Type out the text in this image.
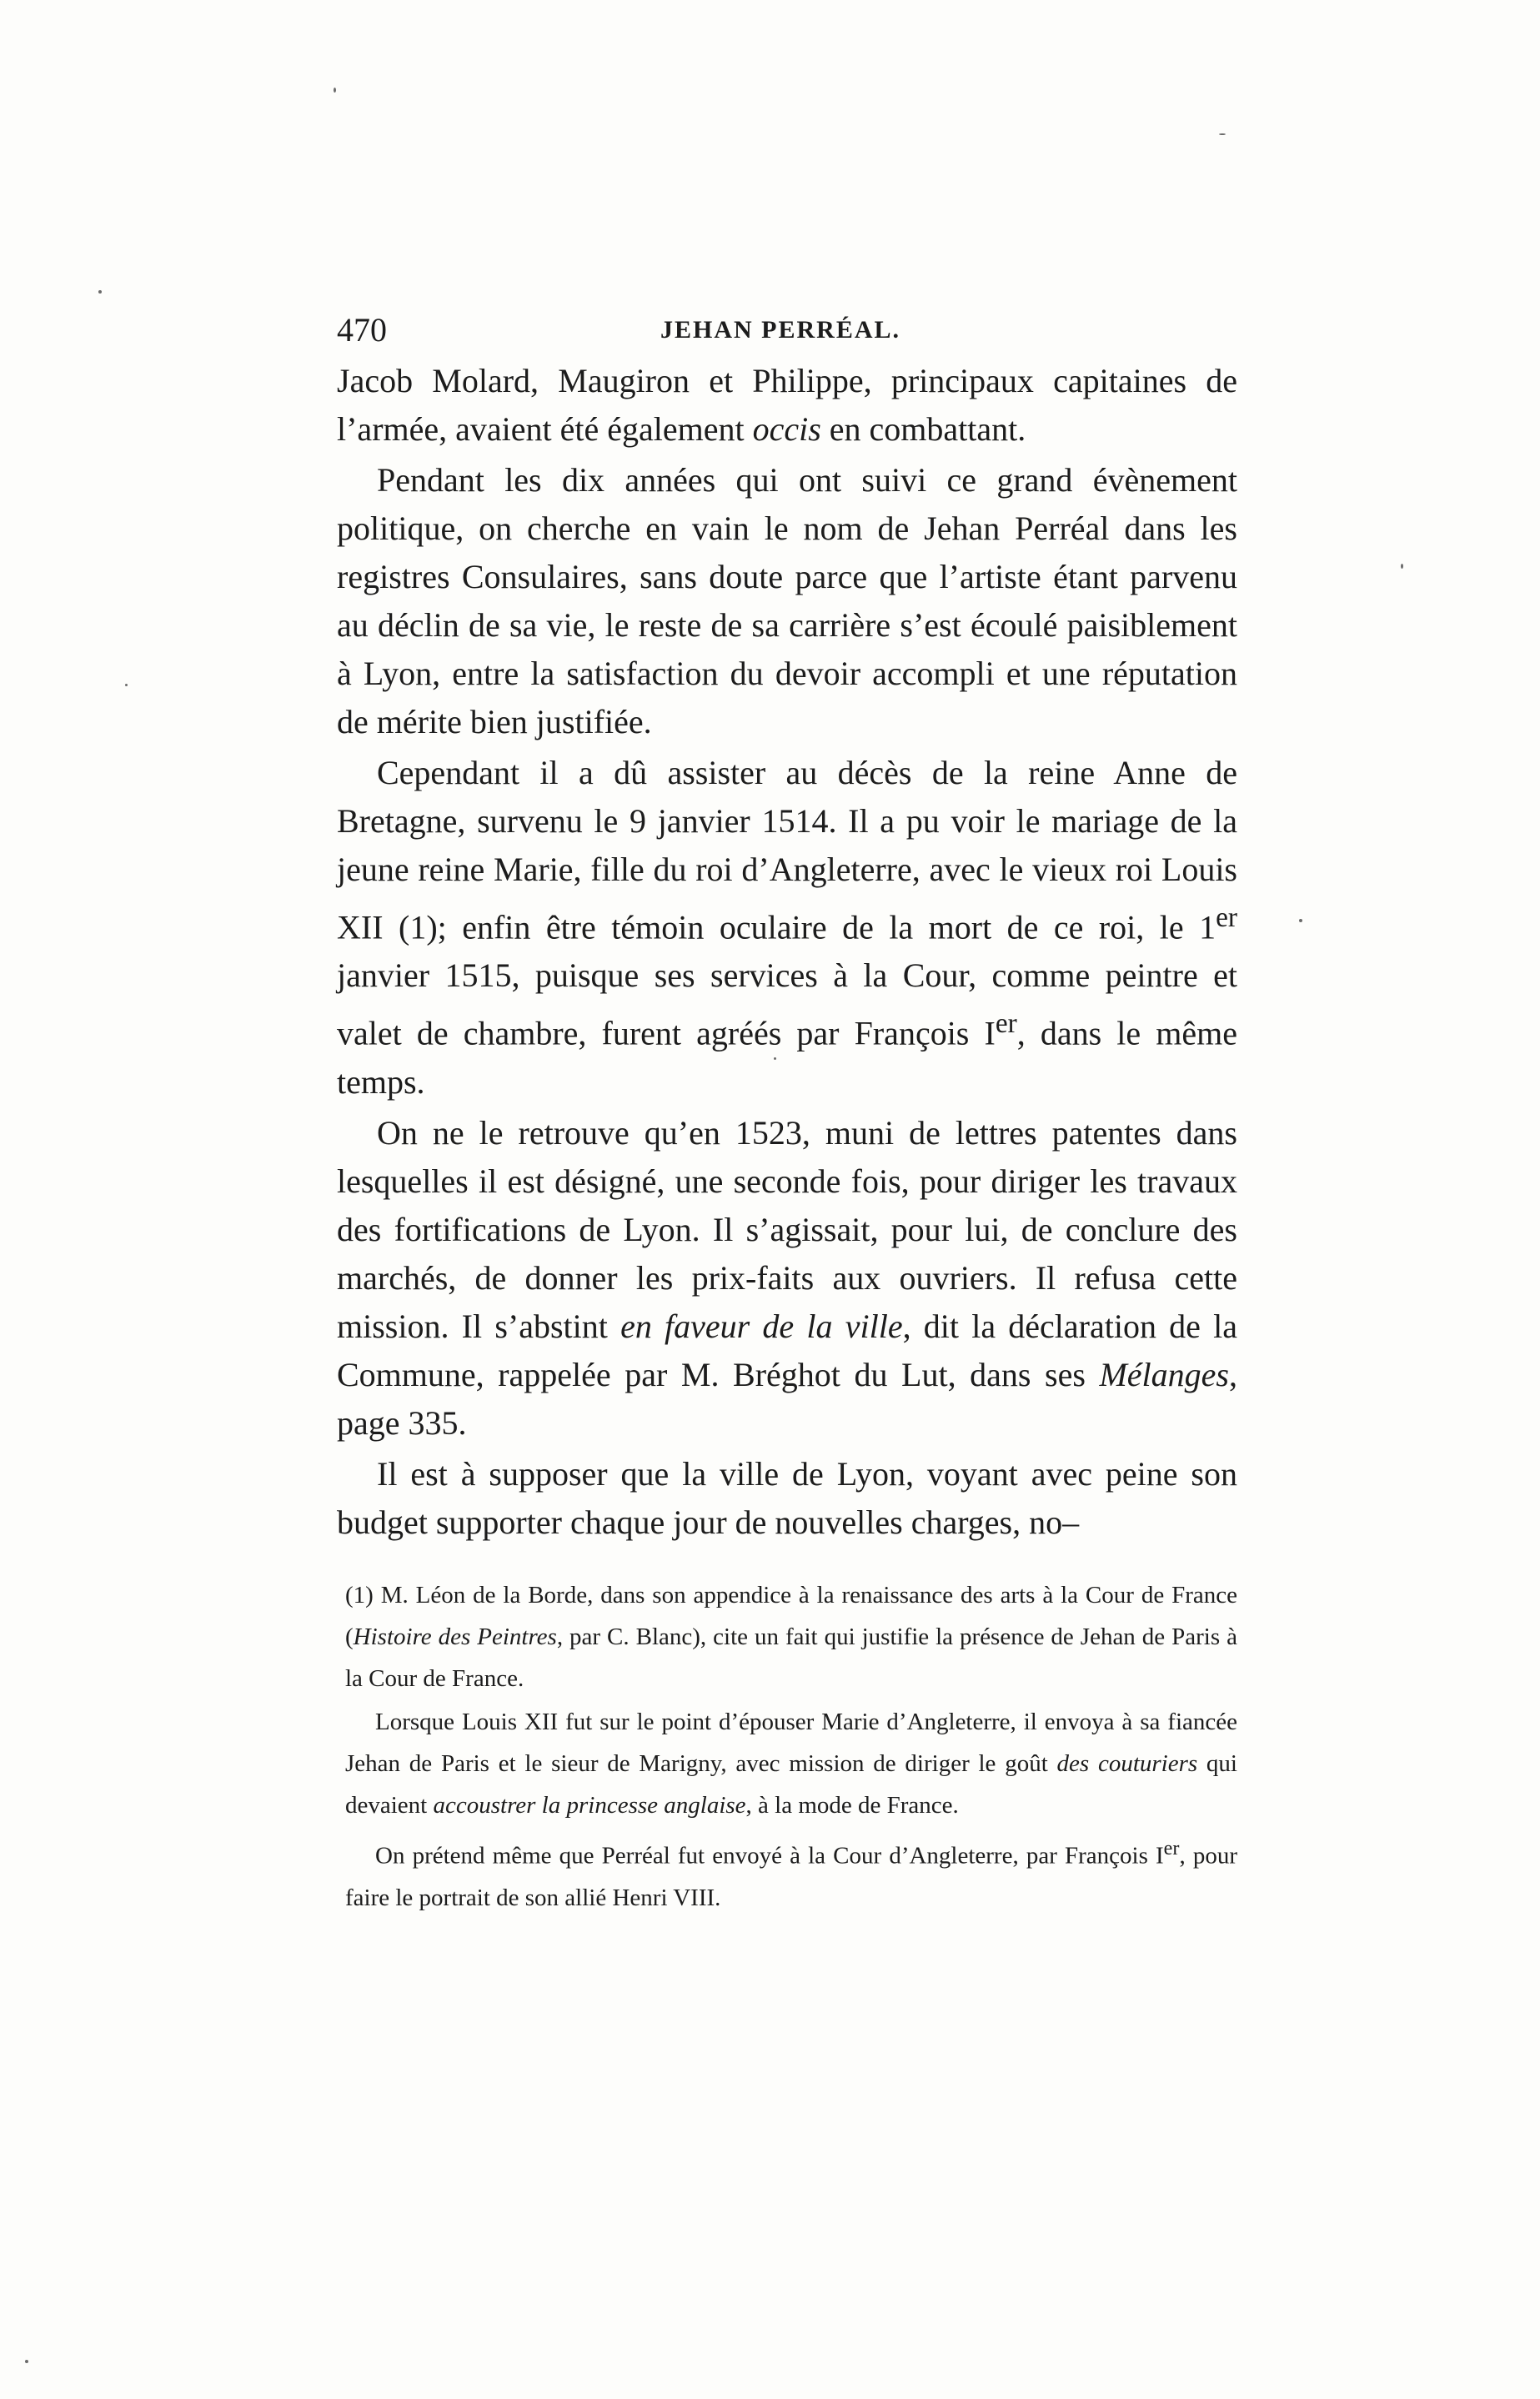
470	JEHAN PERRÉAL.

Jacob Molard, Maugiron et Philippe, principaux capitaines de l’armée, avaient été également occis en combattant.

Pendant les dix années qui ont suivi ce grand évènement politique, on cherche en vain le nom de Jehan Perréal dans les registres Consulaires, sans doute parce que l’artiste étant parvenu au déclin de sa vie, le reste de sa carrière s’est écoulé paisiblement à Lyon, entre la satisfaction du devoir accompli et une réputation de mérite bien justifiée.

Cependant il a dû assister au décès de la reine Anne de Bretagne, survenu le 9 janvier 1514. Il a pu voir le mariage de la jeune reine Marie, fille du roi d’Angleterre, avec le vieux roi Louis XII (1); enfin être témoin oculaire de la mort de ce roi, le 1er janvier 1515, puisque ses services à la Cour, comme peintre et valet de chambre, furent agréés par François Ier, dans le même temps.

On ne le retrouve qu’en 1523, muni de lettres patentes dans lesquelles il est désigné, une seconde fois, pour diriger les travaux des fortifications de Lyon. Il s’agissait, pour lui, de conclure des marchés, de donner les prix-faits aux ouvriers. Il refusa cette mission. Il s’abstint en faveur de la ville, dit la déclaration de la Commune, rappelée par M. Bréghot du Lut, dans ses Mélanges, page 335.

Il est à supposer que la ville de Lyon, voyant avec peine son budget supporter chaque jour de nouvelles charges, no–

(1) M. Léon de la Borde, dans son appendice à la renaissance des arts à la Cour de France (Histoire des Peintres, par C. Blanc), cite un fait qui justifie la présence de Jehan de Paris à la Cour de France.

Lorsque Louis XII fut sur le point d’épouser Marie d’Angleterre, il envoya à sa fiancée Jehan de Paris et le sieur de Marigny, avec mission de diriger le goût des couturiers qui devaient accoustrer la princesse anglaise, à la mode de France.

On prétend même que Perréal fut envoyé à la Cour d’Angleterre, par François Ier, pour faire le portrait de son allié Henri VIII.
